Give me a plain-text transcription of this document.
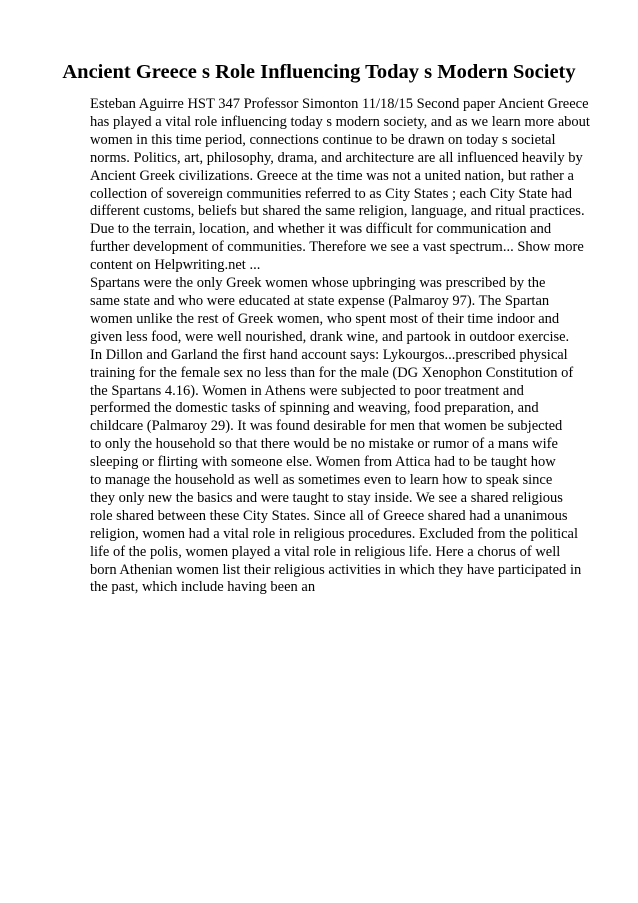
Ancient Greece s Role Influencing Today s Modern Society
Esteban Aguirre HST 347 Professor Simonton 11/18/15 Second paper Ancient Greece
has played a vital role influencing today s modern society, and as we learn more about
women in this time period, connections continue to be drawn on today s societal
norms. Politics, art, philosophy, drama, and architecture are all influenced heavily by
Ancient Greek civilizations. Greece at the time was not a united nation, but rather a
collection of sovereign communities referred to as City States ; each City State had
different customs, beliefs but shared the same religion, language, and ritual practices.
Due to the terrain, location, and whether it was difficult for communication and
further development of communities. Therefore we see a vast spectrum... Show more
content on Helpwriting.net ...
Spartans were the only Greek women whose upbringing was prescribed by the
same state and who were educated at state expense (Palmaroy 97). The Spartan
women unlike the rest of Greek women, who spent most of their time indoor and
given less food, were well nourished, drank wine, and partook in outdoor exercise.
In Dillon and Garland the first hand account says: Lykourgos...prescribed physical
training for the female sex no less than for the male (DG Xenophon Constitution of
the Spartans 4.16). Women in Athens were subjected to poor treatment and
performed the domestic tasks of spinning and weaving, food preparation, and
childcare (Palmaroy 29). It was found desirable for men that women be subjected
to only the household so that there would be no mistake or rumor of a mans wife
sleeping or flirting with someone else. Women from Attica had to be taught how
to manage the household as well as sometimes even to learn how to speak since
they only new the basics and were taught to stay inside. We see a shared religious
role shared between these City States. Since all of Greece shared had a unanimous
religion, women had a vital role in religious procedures. Excluded from the political
life of the polis, women played a vital role in religious life. Here a chorus of well
born Athenian women list their religious activities in which they have participated in
the past, which include having been an
